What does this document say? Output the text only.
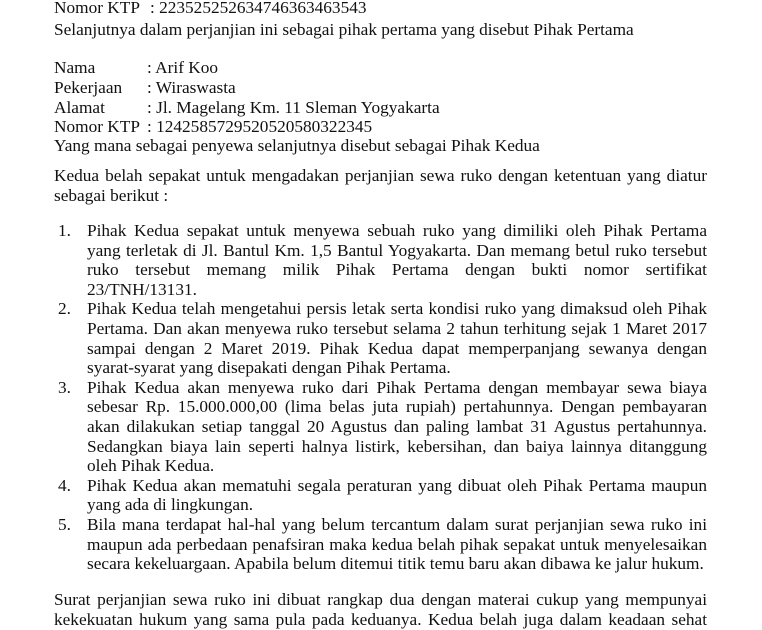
Nomor KTP : 22352525263474636346354​3
Selanjutnya dalam perjanjian ini sebagai pihak pertama yang disebut Pihak Pertama
Nama	: Arif Koo
Pekerjaan : Wiraswasta
Alamat : Jl. Magelang Km. 11 Sleman Yogyakarta
Nomor KTP : 1242585729520520580322345
Yang mana sebagai penyewa selanjutnya disebut sebagai Pihak Kedua
Kedua belah sepakat untuk mengadakan perjanjian sewa ruko dengan ketentuan yang diatur sebagai berikut :
1. Pihak Kedua sepakat untuk menyewa sebuah ruko yang dimiliki oleh Pihak Pertama yang terletak di Jl. Bantul Km. 1,5 Bantul Yogyakarta. Dan memang betul ruko tersebut ruko tersebut memang milik Pihak Pertama dengan bukti nomor sertifikat 23/TNH/13131.
2. Pihak Kedua telah mengetahui persis letak serta kondisi ruko yang dimaksud oleh Pihak Pertama. Dan akan menyewa ruko tersebut selama 2 tahun terhitung sejak 1 Maret 2017 sampai dengan 2 Maret 2019. Pihak Kedua dapat memperpanjang sewanya dengan syarat-syarat yang disepakati dengan Pihak Pertama.
3. Pihak Kedua akan menyewa ruko dari Pihak Pertama dengan membayar sewa biaya sebesar Rp. 15.000.000,00 (lima belas juta rupiah) pertahunnya. Dengan pembayaran akan dilakukan setiap tanggal 20 Agustus dan paling lambat 31 Agustus pertahunnya. Sedangkan biaya lain seperti halnya listirk, kebersihan, dan baiya lainnya ditanggung oleh Pihak Kedua.
4. Pihak Kedua akan mematuhi segala peraturan yang dibuat oleh Pihak Pertama maupun yang ada di lingkungan.
5. Bila mana terdapat hal-hal yang belum tercantum dalam surat perjanjian sewa ruko ini maupun ada perbedaan penafsiran maka kedua belah pihak sepakat untuk menyelesaikan secara kekeluargaan. Apabila belum ditemui titik temu baru akan dibawa ke jalur hukum.
Surat perjanjian sewa ruko ini dibuat rangkap dua dengan materai cukup yang mempunyai kekekuatan hukum yang sama pula pada keduanya. Kedua belah juga dalam keadaan sehat
